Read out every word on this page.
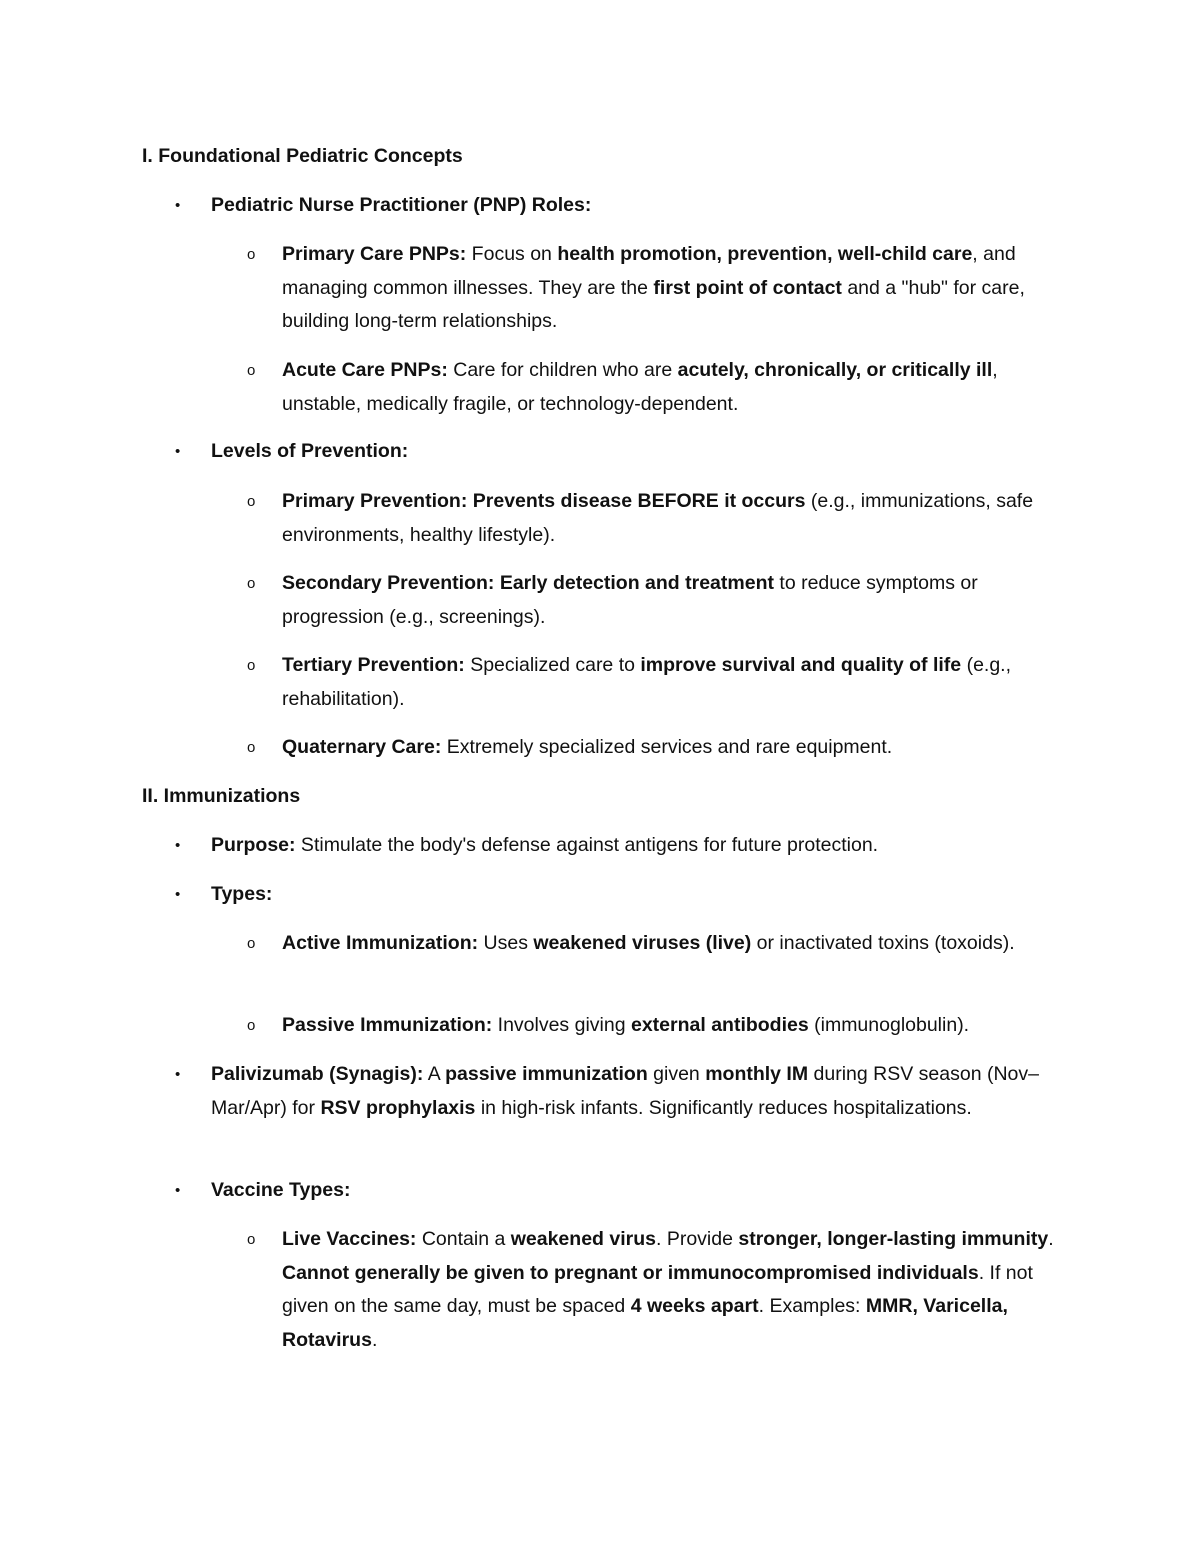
I. Foundational Pediatric Concepts
• Pediatric Nurse Practitioner (PNP) Roles:
o Primary Care PNPs: Focus on health promotion, prevention, well-child care, and managing common illnesses. They are the first point of contact and a "hub" for care, building long-term relationships.
o Acute Care PNPs: Care for children who are acutely, chronically, or critically ill, unstable, medically fragile, or technology-dependent.
• Levels of Prevention:
o Primary Prevention: Prevents disease BEFORE it occurs (e.g., immunizations, safe environments, healthy lifestyle).
o Secondary Prevention: Early detection and treatment to reduce symptoms or progression (e.g., screenings).
o Tertiary Prevention: Specialized care to improve survival and quality of life (e.g., rehabilitation).
o Quaternary Care: Extremely specialized services and rare equipment.
II. Immunizations
• Purpose: Stimulate the body's defense against antigens for future protection.
• Types:
o Active Immunization: Uses weakened viruses (live) or inactivated toxins (toxoids).
o Passive Immunization: Involves giving external antibodies (immunoglobulin).
• Palivizumab (Synagis): A passive immunization given monthly IM during RSV season (Nov–Mar/Apr) for RSV prophylaxis in high-risk infants. Significantly reduces hospitalizations.
• Vaccine Types:
o Live Vaccines: Contain a weakened virus. Provide stronger, longer-lasting immunity. Cannot generally be given to pregnant or immunocompromised individuals. If not given on the same day, must be spaced 4 weeks apart. Examples: MMR, Varicella, Rotavirus.
